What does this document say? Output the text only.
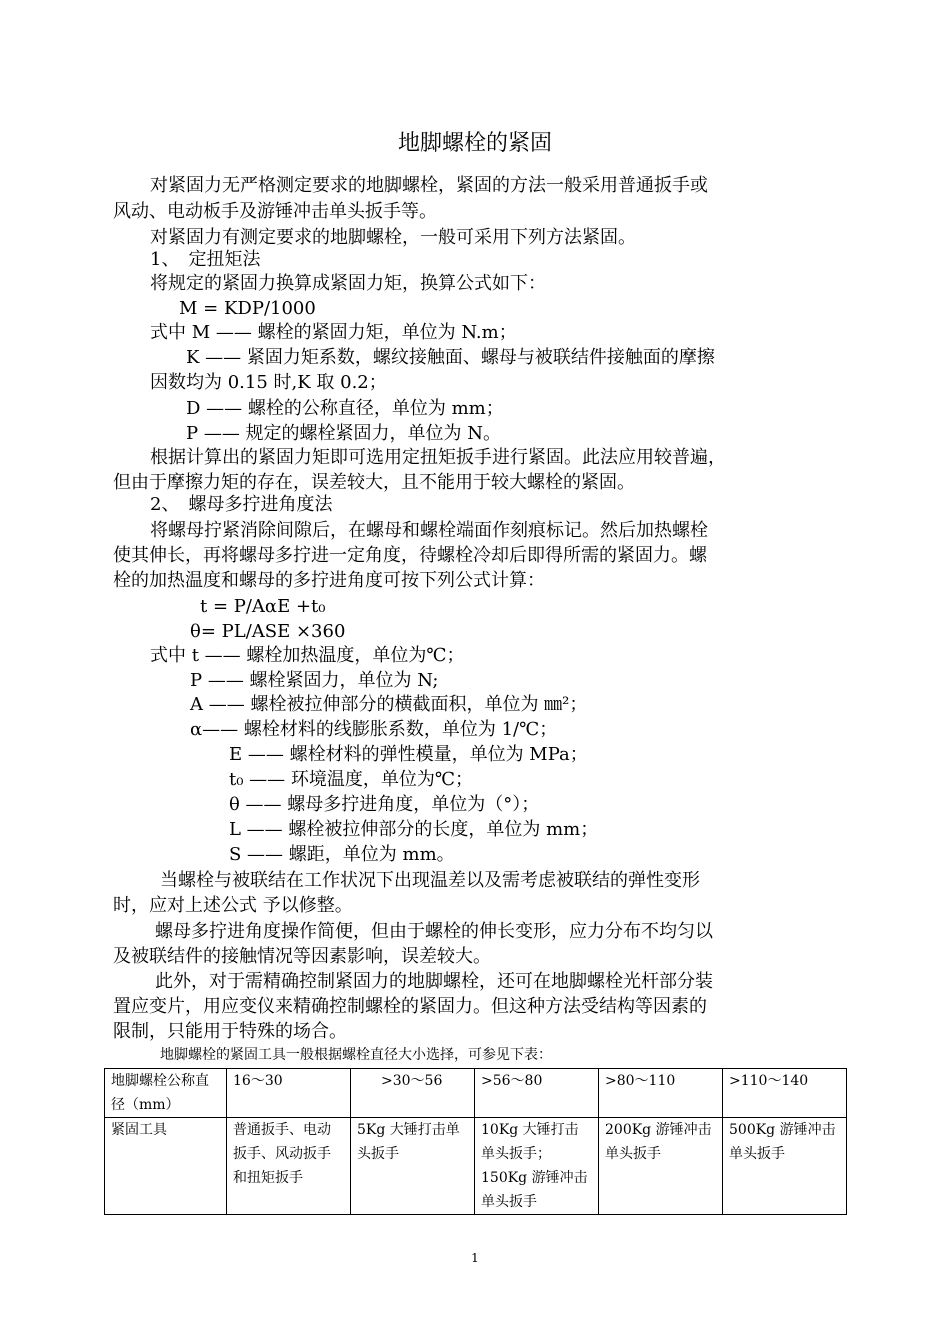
地脚螺栓的紧固
对紧固力无严格测定要求的地脚螺栓，紧固的方法一般采用普通扳手或
风动、电动板手及游锤冲击单头扳手等。
对紧固力有测定要求的地脚螺栓，一般可采用下列方法紧固。
1、　定扭矩法
将规定的紧固力换算成紧固力矩，换算公式如下：
M = KDP/1000
式中 M —— 螺栓的紧固力矩，单位为 N.m；
K —— 紧固力矩系数，螺纹接触面、螺母与被联结件接触面的摩擦
因数均为 0.15 时,K 取 0.2；
D —— 螺栓的公称直径，单位为 mm；
P —— 规定的螺栓紧固力，单位为 N。
根据计算出的紧固力矩即可选用定扭矩扳手进行紧固。此法应用较普遍，
但由于摩擦力矩的存在，误差较大，且不能用于较大螺栓的紧固。
2、　螺母多拧进角度法
将螺母拧紧消除间隙后，在螺母和螺栓端面作刻痕标记。然后加热螺栓
使其伸长，再将螺母多拧进一定角度，待螺栓冷却后即得所需的紧固力。螺
栓的加热温度和螺母的多拧进角度可按下列公式计算：
t = P/AαE +t₀
θ= PL/ASE ×360
式中 t —— 螺栓加热温度，单位为℃；
P —— 螺栓紧固力，单位为 N;
A —— 螺栓被拉伸部分的横截面积，单位为 ㎜²；
α—— 螺栓材料的线膨胀系数，单位为 1/℃；
E —— 螺栓材料的弹性模量，单位为 MPa；
t₀ —— 环境温度，单位为℃；
θ —— 螺母多拧进角度，单位为（°）；
L —— 螺栓被拉伸部分的长度，单位为 mm；
S —— 螺距，单位为 mm。
当螺栓与被联结在工作状况下出现温差以及需考虑被联结的弹性变形
时，应对上述公式 予以修整。
螺母多拧进角度操作简便，但由于螺栓的伸长变形，应力分布不均匀以
及被联结件的接触情况等因素影响，误差较大。
此外，对于需精确控制紧固力的地脚螺栓，还可在地脚螺栓光杆部分装
置应变片，用应变仪来精确控制螺栓的紧固力。但这种方法受结构等因素的
限制，只能用于特殊的场合。
地脚螺栓的紧固工具一般根据螺栓直径大小选择，可参见下表：
地脚螺栓公称直径（mm）	16～30	>30～56	>56～80	>80～110	>110～140
紧固工具	普通扳手、电动扳手、风动扳手和扭矩扳手	5Kg 大锤打击单头扳手	10Kg 大锤打击单头扳手；150Kg 游锤冲击单头扳手	200Kg 游锤冲击单头扳手	500Kg 游锤冲击单头扳手
1
